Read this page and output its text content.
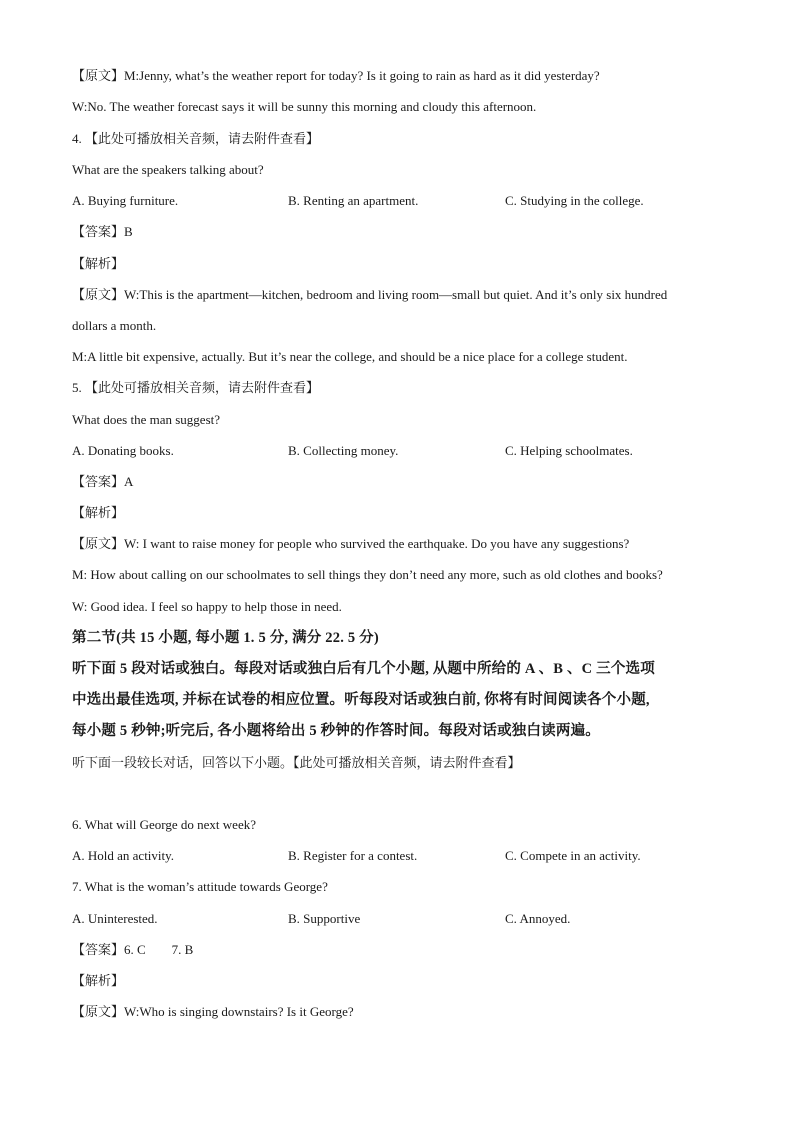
【原文】M:Jenny, what’s the weather report for today? Is it going to rain as hard as it did yesterday?
W:No. The weather forecast says it will be sunny this morning and cloudy this afternoon.
4. 【此处可播放相关音频，请去附件查看】
What are the speakers talking about?
A. Buying furniture.	B. Renting an apartment.	C. Studying in the college.
【答案】B
【解析】
【原文】W:This is the apartment—kitchen, bedroom and living room—small but quiet. And it’s only six hundred
dollars a month.
M:A little bit expensive, actually. But it’s near the college, and should be a nice place for a college student.
5. 【此处可播放相关音频，请去附件查看】
What does the man suggest?
A. Donating books.	B. Collecting money.	C. Helping schoolmates.
【答案】A
【解析】
【原文】W: I want to raise money for people who survived the earthquake. Do you have any suggestions?
M: How about calling on our schoolmates to sell things they don’t need any more, such as old clothes and books?
W: Good idea. I feel so happy to help those in need.
第二节(共 15 小题, 每小题 1. 5 分, 满分 22. 5 分)
听下面 5 段对话或独白。每段对话或独白后有几个小题, 从题中所给的 A 、B 、C 三个选项
中选出最佳选项, 并标在试卷的相应位置。听每段对话或独白前, 你将有时间阅读各个小题,
每小题 5 秒钟;听完后, 各小题将给出 5 秒钟的作答时间。每段对话或独白读两遍。
听下面一段较长对话，回答以下小题。【此处可播放相关音频，请去附件查看】
6. What will George do next week?
A. Hold an activity.	B. Register for a contest.	C. Compete in an activity.
7. What is the woman’s attitude towards George?
A. Uninterested.	B. Supportive	C. Annoyed.
【答案】6. C 7. B
【解析】
【原文】W:Who is singing downstairs? Is it George?
